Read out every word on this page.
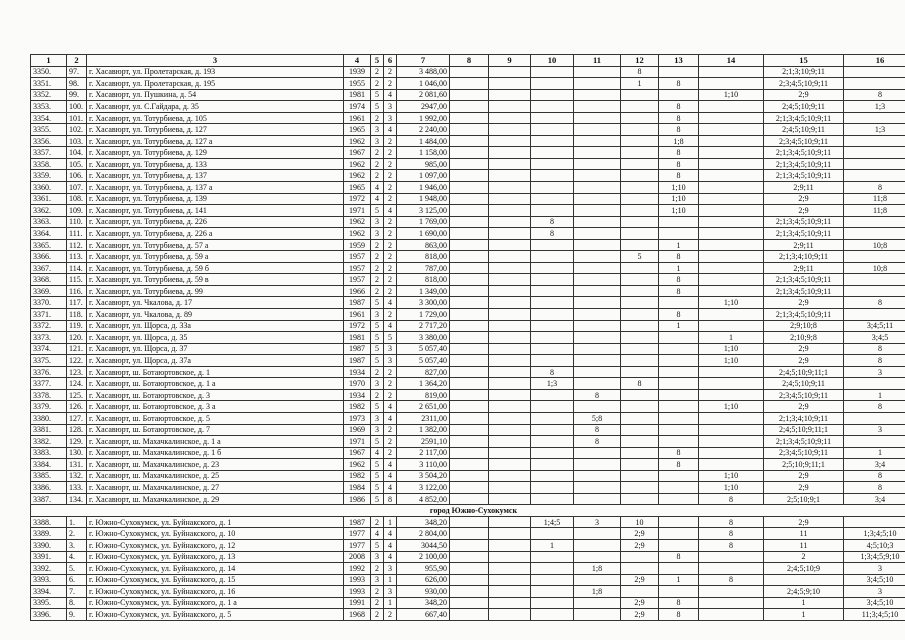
1	2	3	4	5	6	7	8	9	10	11	12	13	14	15	16
3350.	97.	г. Хасавюрт, ул. Пролетарская, д. 193	1939	2	2	3 488,00					8			2;1;3;10;9;11	
3351.	98.	г. Хасавюрт, ул. Пролетарская, д. 195	1955	2	2	1 046,00					1	8		2;3;4;5;10;9;11	
3352.	99.	г. Хасавюрт, ул. Пушкина, д. 54	1981	5	4	2 081,60							1;10	2;9	8
3353.	100.	г. Хасавюрт, ул. С.Гайдара, д. 35	1974	5	3	2947,00						8		2;4;5;10;9;11	1;3
3354.	101.	г. Хасавюрт, ул. Тотурбиева, д. 105	1961	2	3	1 992,00						8		2;1;3;4;5;10;9;11	
3355.	102.	г. Хасавюрт, ул. Тотурбиева, д. 127	1965	3	4	2 240,00						8		2;4;5;10;9;11	1;3
3356.	103.	г. Хасавюрт, ул. Тотурбиева, д. 127 а	1962	3	2	1 484,00						1;8		2;3;4;5;10;9;11	
3357.	104.	г. Хасавюрт, ул. Тотурбиева, д. 129	1967	2	2	1 158,00						8		2;1;3;4;5;10;9;11	
3358.	105.	г. Хасавюрт, ул. Тотурбиева, д. 133	1962	2	2	985,00						8		2;1;3;4;5;10;9;11	
3359.	106.	г. Хасавюрт, ул. Тотурбиева, д. 137	1962	2	2	1 097,00						8		2;1;3;4;5;10;9;11	
3360.	107.	г. Хасавюрт, ул. Тотурбиева, д. 137 а	1965	4	2	1 946,00						1;10		2;9;11	8
3361.	108.	г. Хасавюрт, ул. Тотурбиева, д. 139	1972	4	2	1 948,00						1;10		2;9	11;8
3362.	109.	г. Хасавюрт, ул. Тотурбиева, д. 141	1971	5	4	3 125,00						1;10		2;9	11;8
3363.	110.	г. Хасавюрт, ул. Тотурбиева, д. 226	1962	3	2	1 769,00			8					2;1;3;4;5;10;9;11	
3364.	111.	г. Хасавюрт, ул. Тотурбиева, д. 226 а	1962	3	2	1 690,00			8					2;1;3;4;5;10;9;11	
3365.	112.	г. Хасавюрт, ул. Тотурбиева, д. 57 а	1959	2	2	863,00						1		2;9;11	10;8
3366.	113.	г. Хасавюрт, ул. Тотурбиева, д. 59 а	1957	2	2	818,00					5	8		2;1;3;4;10;9;11	
3367.	114.	г. Хасавюрт, ул. Тотурбиева, д. 59 б	1957	2	2	787,00						1		2;9;11	10;8
3368.	115.	г. Хасавюрт, ул. Тотурбиева, д. 59 в	1957	2	2	818,00						8		2;1;3;4;5;10;9;11	
3369.	116.	г. Хасавюрт, ул. Тотурбиева, д. 99	1966	2	2	1 349,00						8		2;1;3;4;5;10;9;11	
3370.	117.	г. Хасавюрт, ул. Чкалова, д. 17	1987	5	4	3 300,00							1;10	2;9	8
3371.	118.	г. Хасавюрт, ул. Чкалова, д. 89	1961	3	2	1 729,00						8		2;1;3;4;5;10;9;11	
3372.	119.	г. Хасавюрт, ул. Щорса, д. 33а	1972	5	4	2 717,20						1		2;9;10;8	3;4;5;11
3373.	120.	г. Хасавюрт, ул. Щорса, д. 35	1981	5	5	3 380,00							1	2;10;9;8	3;4;5
3374.	121.	г. Хасавюрт, ул. Щорса, д. 37	1987	5	3	5 057,40							1;10	2;9	8
3375.	122.	г. Хасавюрт, ул. Щорса, д. 37а	1987	5	3	5 057,40							1;10	2;9	8
3376.	123.	г. Хасавюрт, ш. Ботаюртовское, д. 1	1934	2	2	827,00			8					2;4;5;10;9;11;1	3
3377.	124.	г. Хасавюрт, ш. Ботаюртовское, д. 1 а	1970	3	2	1 364,20			1;3		8			2;4;5;10;9;11	
3378.	125.	г. Хасавюрт, ш. Ботаюртовское, д. 3	1934	2	2	819,00				8				2;3;4;5;10;9;11	1
3379.	126.	г. Хасавюрт, ш. Ботаюртовское, д. 3 а	1982	5	4	2 651,00							1;10	2;9	8
3380.	127.	г. Хасавюрт, ш. Ботаюртовское, д. 5	1973	3	4	2311,00				5;8				2;1;3;4;10;9;11	
3381.	128.	г. Хасавюрт, ш. Ботаюртовское, д. 7	1969	3	2	1 382,00				8				2;4;5;10;9;11;1	3
3382.	129.	г. Хасавюрт, ш. Махачкалинское, д. 1 а	1971	5	2	2591,10				8				2;1;3;4;5;10;9;11	
3383.	130.	г. Хасавюрт, ш. Махачкалинское, д. 1 б	1967	4	2	2 117,00						8		2;3;4;5;10;9;11	1
3384.	131.	г. Хасавюрт, ш. Махачкалинское, д. 23	1962	5	4	3 110,00						8		2;5;10;9;11;1	3;4
3385.	132.	г. Хасавюрт, ш. Махачкалинское, д. 25	1982	5	4	3 504,20							1;10	2;9	8
3386.	133.	г. Хасавюрт, ш. Махачкалинское, д. 27	1984	5	4	3 122,00							1;10	2;9	8
3387.	134.	г. Хасавюрт, ш. Махачкалинское, д. 29	1986	5	8	4 852,00							8	2;5;10;9;1	3;4
город Южно-Сухокумск															
3388.	1.	г. Южно-Сухокумск, ул. Буйнакского, д. 1	1987	2	1	348,20			1;4;5	3	10		8	2;9	
3389.	2.	г. Южно-Сухокумск, ул. Буйнакского, д. 10	1977	4	4	2 804,00					2;9		8	11	1;3;4;5;10
3390.	3.	г. Южно-Сухокумск, ул. Буйнакского, д. 12	1977	5	4	3044,50			1		2;9		8	11	4;5;10;3
3391.	4.	г. Южно-Сухокумск, ул. Буйнакского, д. 13	2008	3	4	2 100,00						8		2	1;3;4;5;9;10
3392.	5.	г. Южно-Сухокумск, ул. Буйнакского, д. 14	1992	2	3	955,90				1;8				2;4;5;10;9	3
3393.	6.	г. Южно-Сухокумск, ул. Буйнакского, д. 15	1993	3	1	626,00					2;9	1	8		3;4;5;10
3394.	7.	г. Южно-Сухокумск, ул. Буйнакского, д. 16	1993	2	3	930,00				1;8				2;4;5;9;10	3
3395.	8.	г. Южно-Сухокумск, ул. Буйнакского, д. 1 а	1991	2	1	348,20					2;9	8		1	3;4;5;10
3396.	9.	г. Южно-Сухокумск, ул. Буйнакского, д. 5	1968	2	2	667,40					2;9	8		1	11;3;4;5;10
